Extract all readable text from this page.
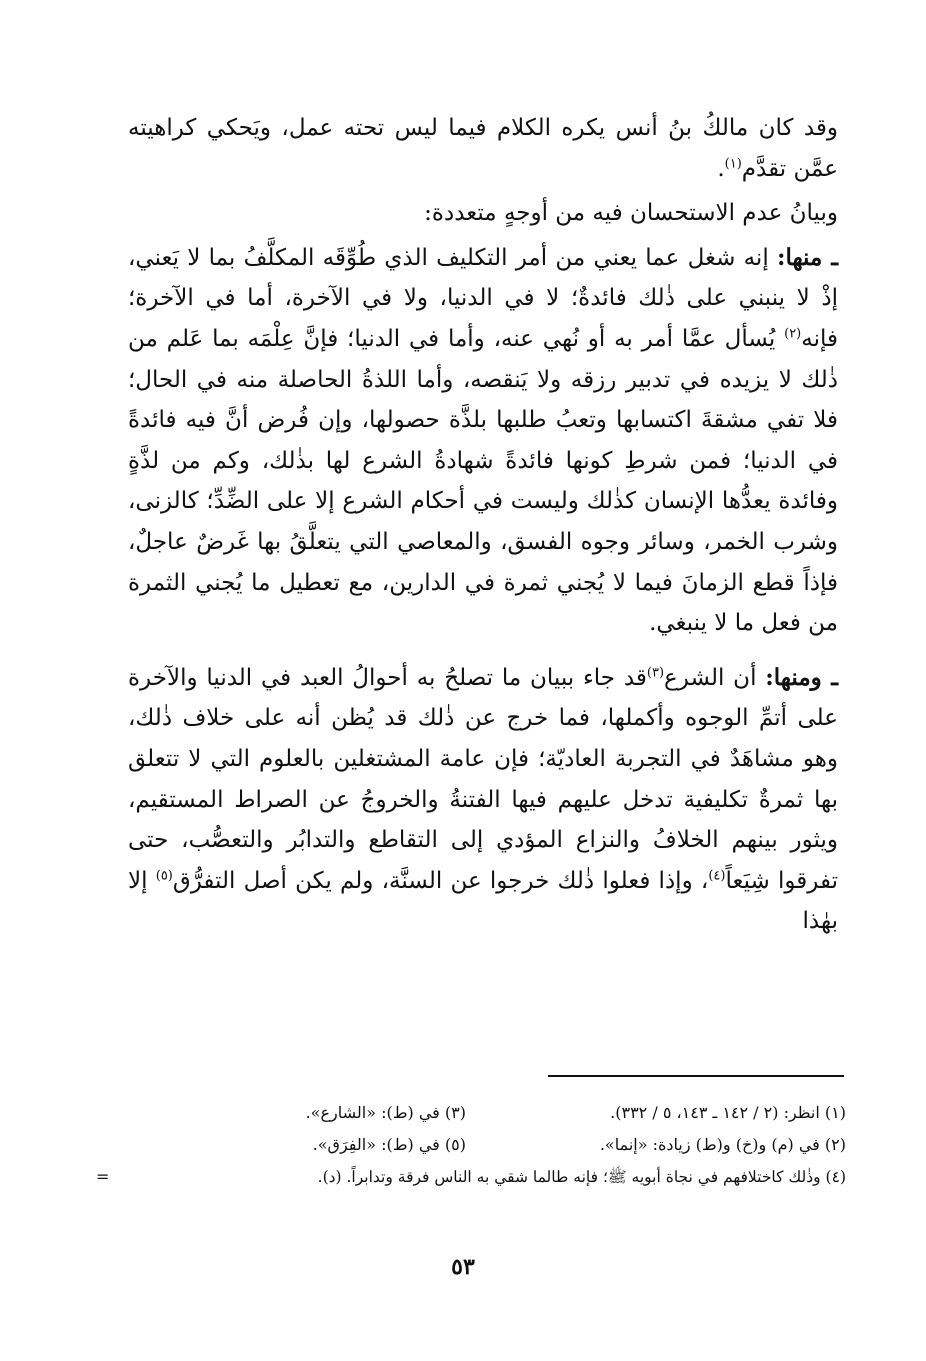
وقد كان مالكُ بنُ أنس يكره الكلام فيما ليس تحته عمل، ويَحكي كراهيته عمَّن تقدَّم$^{(١)}$.

وبيانُ عدم الاستحسان فيه من أوجهٍ متعددة:

ـ منها: إنه شغل عما يعني من أمر التكليف الذي طُوِّقَه المكلَّفُ بما لا يَعني، إذْ لا ينبني على ذٰلك فائدةٌ؛ لا في الدنيا، ولا في الآخرة، أما في الآخرة؛ فإنه$^{(٢)}$ يُسأل عمَّا أمر به أو نُهي عنه، وأما في الدنيا؛ فإنَّ عِلْمَه بما عَلم من ذٰلك لا يزيده في تدبير رزقه ولا يَنقصه، وأما اللذةُ الحاصلة منه في الحال؛ فلا تفي مشقةَ اكتسابها وتعبُ طلبها بلذَّة حصولها، وإن فُرض أنَّ فيه فائدةً في الدنيا؛ فمن شرطِ كونها فائدةً شهادةُ الشرع لها بذٰلك، وكم من لذَّةٍ وفائدة يعدُّها الإنسان كذٰلك وليست في أحكام الشرع إلا على الضِّدِّ؛ كالزنى، وشرب الخمر، وسائر وجوه الفسق، والمعاصي التي يتعلَّقُ بها غَرضٌ عاجلٌ، فإذاً قطع الزمانَ فيما لا يُجني ثمرة في الدارين، مع تعطيل ما يُجني الثمرة من فعل ما لا ينبغي.

ـ ومنها: أن الشرع$^{(٣)}$قد جاء ببيان ما تصلحُ به أحوالُ العبد في الدنيا والآخرة على أتمِّ الوجوه وأكملها، فما خرج عن ذٰلك قد يُظن أنه على خلاف ذٰلك، وهو مشاهَدٌ في التجربة العاديّة؛ فإن عامة المشتغلين بالعلوم التي لا تتعلق بها ثمرةٌ تكليفية تدخل عليهم فيها الفتنةُ والخروجُ عن الصراط المستقيم، ويثور بينهم الخلافُ والنزاع المؤدي إلى التقاطع والتدابُر والتعصُّب، حتى تفرقوا شِيَعاً$^{(٤)}$، وإذا فعلوا ذٰلك خرجوا عن السنَّة، ولم يكن أصل التفرُّق$^{(٥)}$ إلا بهٰذا

(١) انظر: (٢ / ١٤٢ ـ ١٤٣، ٥ / ٣٣٢).
(٣) في (ط): «الشارع».
(٢) في (م) و(خ) و(ط) زيادة: «إنما».
(٥) في (ط): «الفِرَق».
(٤) وذٰلك كاختلافهم في نجاة أبويه ﷺ؛ فإنه طالما شقي به الناس فرقة وتدابراً. (د).
=
٥٣
